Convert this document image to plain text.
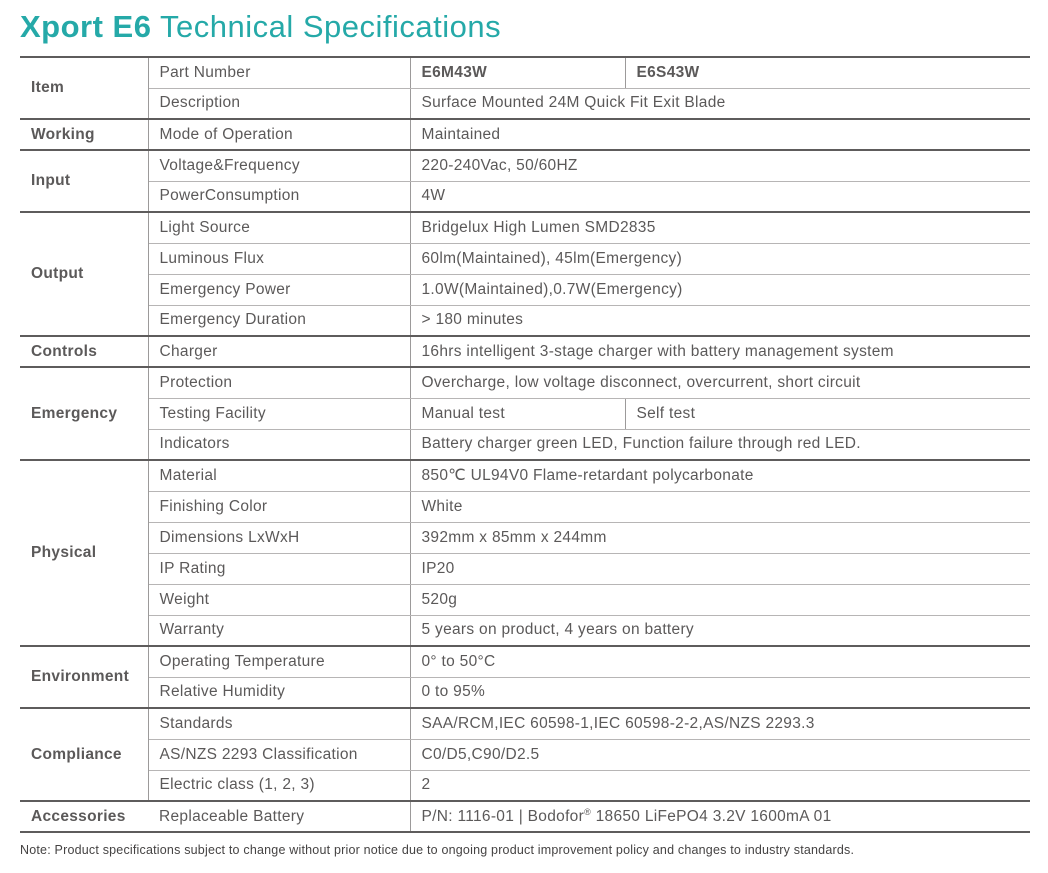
Xport E6 Technical Specifications
Item	Part Number	E6M43W	E6S43W
	Description	Surface Mounted 24M Quick Fit Exit Blade	
Working	Mode of Operation	Maintained	
Input	Voltage&Frequency	220-240Vac, 50/60HZ	
	PowerConsumption	4W	
Output	Light Source	Bridgelux High Lumen SMD2835	
	Luminous Flux	60lm(Maintained), 45lm(Emergency)	
	Emergency Power	1.0W(Maintained),0.7W(Emergency)	
	Emergency Duration	> 180 minutes	
Controls	Charger	16hrs intelligent 3-stage charger with battery management system	
Emergency	Protection	Overcharge, low voltage disconnect, overcurrent, short circuit	
	Testing Facility	Manual test	Self test
	Indicators	Battery charger green LED, Function failure through red LED.	
Physical	Material	850℃ UL94V0 Flame-retardant polycarbonate	
	Finishing Color	White	
	Dimensions LxWxH	392mm x 85mm x 244mm	
	IP Rating	IP20	
	Weight	520g	
	Warranty	5 years on product, 4 years on battery	
Environment	Operating Temperature	0° to 50°C	
	Relative Humidity	0 to 95%	
Compliance	Standards	SAA/RCM,IEC 60598-1,IEC 60598-2-2,AS/NZS 2293.3	
	AS/NZS 2293 Classification	C0/D5,C90/D2.5	
	Electric class (1, 2, 3)	2	
Accessories	Replaceable Battery	P/N: 1116-01 | Bodofor® 18650 LiFePO4 3.2V 1600mA 01	
Note: Product specifications subject to change without prior notice due to ongoing product improvement policy and changes to industry standards.
